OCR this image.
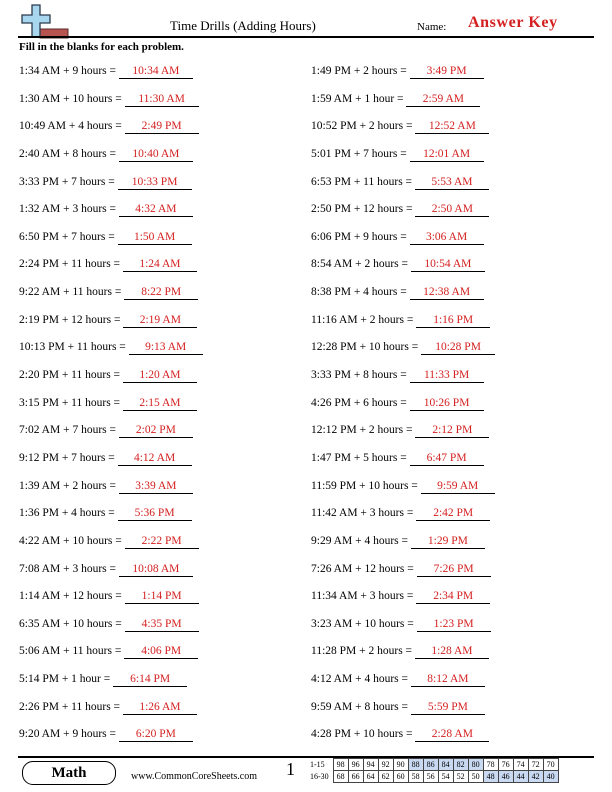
Time Drills (Adding Hours)	Name: Answer Key
Fill in the blanks for each problem.
1:34 AM + 9 hours = 10:34 AM
1:30 AM + 10 hours = 11:30 AM
10:49 AM + 4 hours = 2:49 PM
2:40 AM + 8 hours = 10:40 AM
3:33 PM + 7 hours = 10:33 PM
1:32 AM + 3 hours = 4:32 AM
6:50 PM + 7 hours = 1:50 AM
2:24 PM + 11 hours = 1:24 AM
9:22 AM + 11 hours = 8:22 PM
2:19 PM + 12 hours = 2:19 AM
10:13 PM + 11 hours = 9:13 AM
2:20 PM + 11 hours = 1:20 AM
3:15 PM + 11 hours = 2:15 AM
7:02 AM + 7 hours = 2:02 PM
9:12 PM + 7 hours = 4:12 AM
1:39 AM + 2 hours = 3:39 AM
1:36 PM + 4 hours = 5:36 PM
4:22 AM + 10 hours = 2:22 PM
7:08 AM + 3 hours = 10:08 AM
1:14 AM + 12 hours = 1:14 PM
6:35 AM + 10 hours = 4:35 PM
5:06 AM + 11 hours = 4:06 PM
5:14 PM + 1 hour = 6:14 PM
2:26 PM + 11 hours = 1:26 AM
9:20 AM + 9 hours = 6:20 PM
1:49 PM + 2 hours = 3:49 PM
1:59 AM + 1 hour = 2:59 AM
10:52 PM + 2 hours = 12:52 AM
5:01 PM + 7 hours = 12:01 AM
6:53 PM + 11 hours = 5:53 AM
2:50 PM + 12 hours = 2:50 AM
6:06 PM + 9 hours = 3:06 AM
8:54 AM + 2 hours = 10:54 AM
8:38 PM + 4 hours = 12:38 AM
11:16 AM + 2 hours = 1:16 PM
12:28 PM + 10 hours = 10:28 PM
3:33 PM + 8 hours = 11:33 PM
4:26 PM + 6 hours = 10:26 PM
12:12 PM + 2 hours = 2:12 PM
1:47 PM + 5 hours = 6:47 PM
11:59 PM + 10 hours = 9:59 AM
11:42 AM + 3 hours = 2:42 PM
9:29 AM + 4 hours = 1:29 PM
7:26 AM + 12 hours = 7:26 PM
11:34 AM + 3 hours = 2:34 PM
3:23 AM + 10 hours = 1:23 PM
11:28 PM + 2 hours = 1:28 AM
4:12 AM + 4 hours = 8:12 AM
9:59 AM + 8 hours = 5:59 PM
4:28 PM + 10 hours = 2:28 AM
Math	www.CommonCoreSheets.com 1 1-15	98	96	94	92	90	88	86	84	82	80	78	76	74	72	70
16-30	68	66	64	62	60	58	56	54	52	50	48	46	44	42	40
